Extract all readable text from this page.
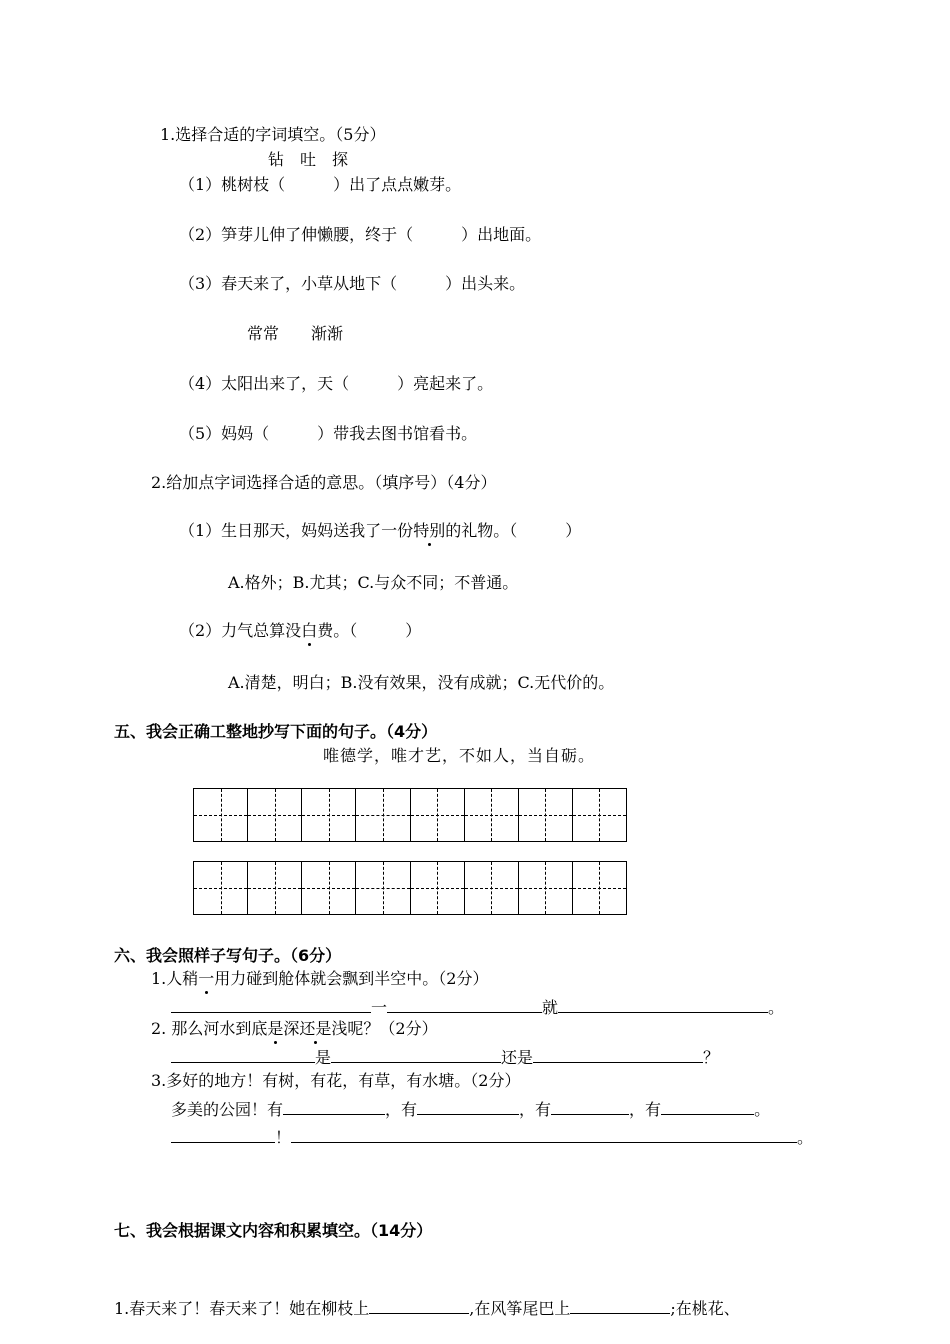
1.选择合适的字词填空。（5分）
钻　吐　探
（1）桃树枝（　　　）出了点点嫩芽。
（2）笋芽儿伸了伸懒腰，终于（　　　）出地面。
（3）春天来了，小草从地下（　　　）出头来。
常常　　渐渐
（4）太阳出来了，天（　　　）亮起来了。
（5）妈妈（　　　）带我去图书馆看书。
2.给加点字词选择合适的意思。（填序号）（4分）
（1）生日那天，妈妈送我了一份特别的礼物。（　　　）
A.格外；B.尤其；C.与众不同；不普通。
（2）力气总算没白费。（　　　）
A.清楚，明白；B.没有效果，没有成就；C.无代价的。
五、我会正确工整地抄写下面的句子。（4分）
唯德学，唯才艺，不如人，当自砺。
六、我会照样子写句子。（6分）
1.人稍一用力碰到舱体就会飘到半空中。（2分）
一	就	。
2. 那么河水到底是深还是浅呢？（2分）
是	还是	？
3.多好的地方！有树，有花，有草，有水塘。（2分）
多美的公园！有	，有	，有	，有	。
！	。
七、我会根据课文内容和积累填空。（14分）
1.春天来了！春天来了！她在柳枝上	,在风筝尾巴上	;在桃花、
